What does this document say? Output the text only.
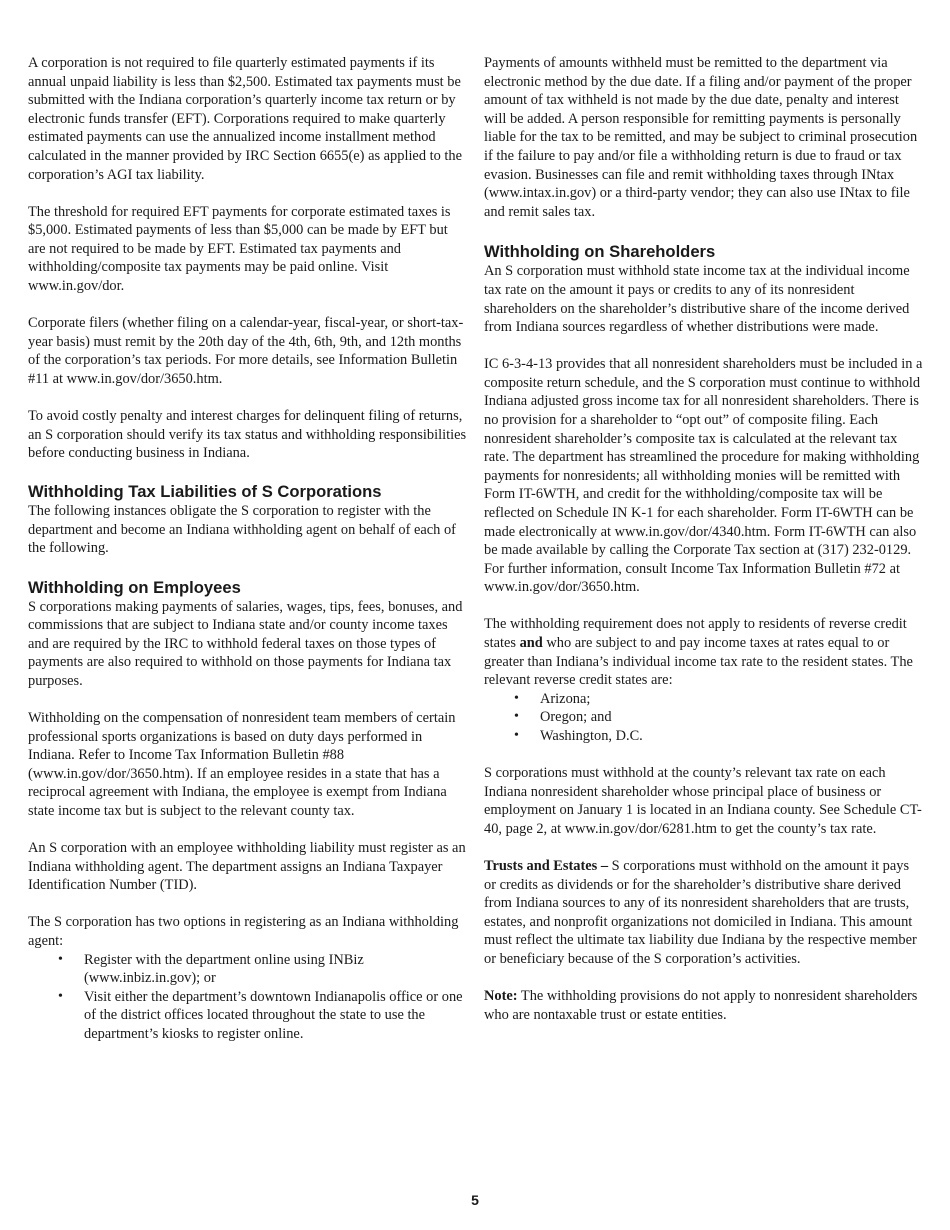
A corporation is not required to file quarterly estimated payments if its annual unpaid liability is less than $2,500. Estimated tax payments must be submitted with the Indiana corporation’s quarterly income tax return or by electronic funds transfer (EFT). Corporations required to make quarterly estimated payments can use the annualized income installment method calculated in the manner provided by IRC Section 6655(e) as applied to the corporation’s AGI tax liability.

The threshold for required EFT payments for corporate estimated taxes is $5,000. Estimated payments of less than $5,000 can be made by EFT but are not required to be made by EFT. Estimated tax payments and withholding/composite tax payments may be paid online. Visit www.in.gov/dor.

Corporate filers (whether filing on a calendar-year, fiscal-year, or short-tax-year basis) must remit by the 20th day of the 4th, 6th, 9th, and 12th months of the corporation’s tax periods. For more details, see Information Bulletin #11 at www.in.gov/dor/3650.htm.

To avoid costly penalty and interest charges for delinquent filing of returns, an S corporation should verify its tax status and withholding responsibilities before conducting business in Indiana.

Withholding Tax Liabilities of S Corporations

The following instances obligate the S corporation to register with the department and become an Indiana withholding agent on behalf of each of the following.

Withholding on Employees

S corporations making payments of salaries, wages, tips, fees, bonuses, and commissions that are subject to Indiana state and/or county income taxes and are required by the IRC to withhold federal taxes on those types of payments are also required to withhold on those payments for Indiana tax purposes.

Withholding on the compensation of nonresident team members of certain professional sports organizations is based on duty days performed in Indiana. Refer to Income Tax Information Bulletin #88 (www.in.gov/dor/3650.htm). If an employee resides in a state that has a reciprocal agreement with Indiana, the employee is exempt from Indiana state income tax but is subject to the relevant county tax.

An S corporation with an employee withholding liability must register as an Indiana withholding agent. The department assigns an Indiana Taxpayer Identification Number (TID).

The S corporation has two options in registering as an Indiana withholding agent:

• Register with the department online using INBiz (www.inbiz.in.gov); or
• Visit either the department’s downtown Indianapolis office or one of the district offices located throughout the state to use the department’s kiosks to register online.

Payments of amounts withheld must be remitted to the department via electronic method by the due date. If a filing and/or payment of the proper amount of tax withheld is not made by the due date, penalty and interest will be added. A person responsible for remitting payments is personally liable for the tax to be remitted, and may be subject to criminal prosecution if the failure to pay and/or file a withholding return is due to fraud or tax evasion. Businesses can file and remit withholding taxes through INtax (www.intax.in.gov) or a third-party vendor; they can also use INtax to file and remit sales tax.

Withholding on Shareholders

An S corporation must withhold state income tax at the individual income tax rate on the amount it pays or credits to any of its nonresident shareholders on the shareholder’s distributive share of the income derived from Indiana sources regardless of whether distributions were made.

IC 6-3-4-13 provides that all nonresident shareholders must be included in a composite return schedule, and the S corporation must continue to withhold Indiana adjusted gross income tax for all nonresident shareholders. There is no provision for a shareholder to “opt out” of composite filing. Each nonresident shareholder’s composite tax is calculated at the relevant tax rate. The department has streamlined the procedure for making withholding payments for nonresidents; all withholding monies will be remitted with Form IT-6WTH, and credit for the withholding/composite tax will be reflected on Schedule IN K-1 for each shareholder. Form IT-6WTH can be made electronically at www.in.gov/dor/4340.htm. Form IT-6WTH can also be made available by calling the Corporate Tax section at (317) 232-0129. For further information, consult Income Tax Information Bulletin #72 at www.in.gov/dor/3650.htm.

The withholding requirement does not apply to residents of reverse credit states and who are subject to and pay income taxes at rates equal to or greater than Indiana’s individual income tax rate to the resident states. The relevant reverse credit states are:

• Arizona;
• Oregon; and
• Washington, D.C.

S corporations must withhold at the county’s relevant tax rate on each Indiana nonresident shareholder whose principal place of business or employment on January 1 is located in an Indiana county. See Schedule CT-40, page 2, at www.in.gov/dor/6281.htm to get the county’s tax rate.

Trusts and Estates – S corporations must withhold on the amount it pays or credits as dividends or for the shareholder’s distributive share derived from Indiana sources to any of its nonresident shareholders that are trusts, estates, and nonprofit organizations not domiciled in Indiana. This amount must reflect the ultimate tax liability due Indiana by the respective member or beneficiary because of the S corporation’s activities.

Note: The withholding provisions do not apply to nonresident shareholders who are nontaxable trust or estate entities.

5
